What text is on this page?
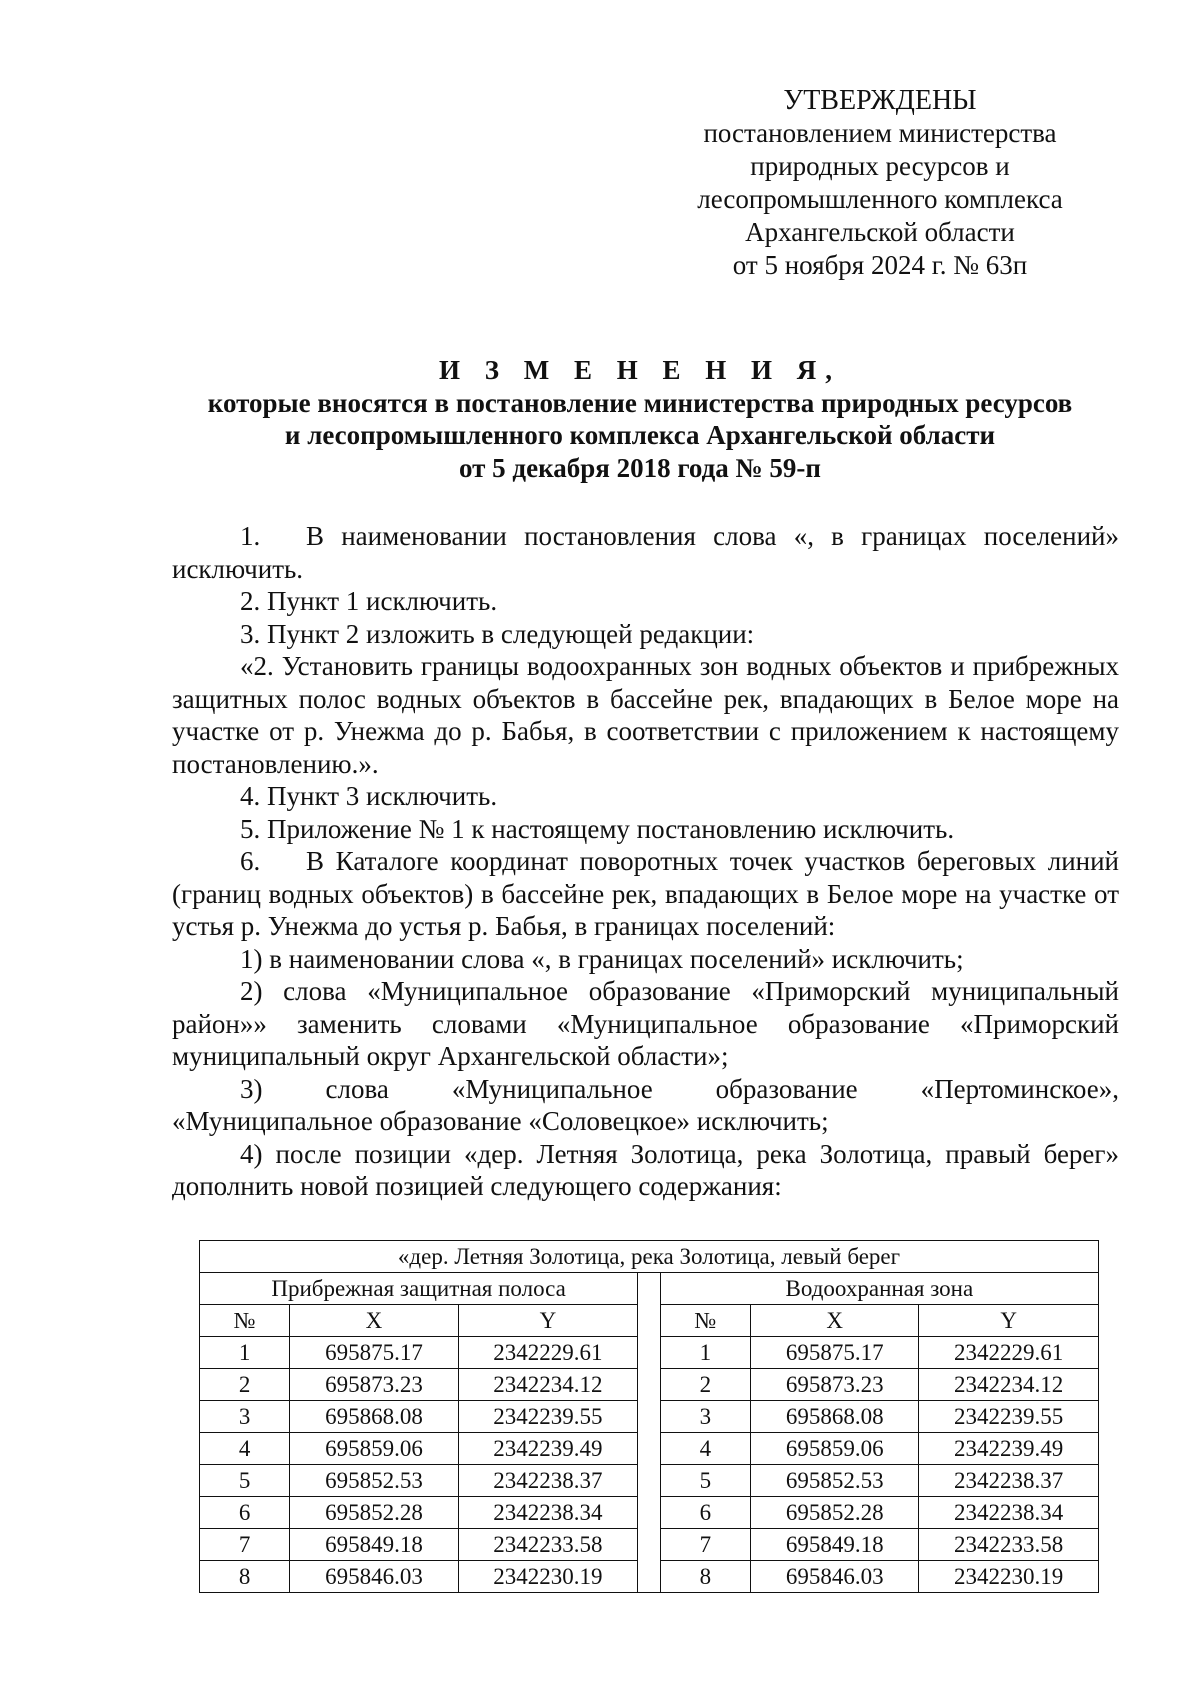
УТВЕРЖДЕНЫ
постановлением министерства
природных ресурсов и
лесопромышленного комплекса
Архангельской области
от 5 ноября 2024 г. № 63п
И З М Е Н Е Н И Я,
которые вносятся в постановление министерства природных ресурсов
и лесопромышленного комплекса Архангельской области
от 5 декабря 2018 года № 59-п

1. В наименовании постановления слова «, в границах поселений» исключить.

2. Пункт 1 исключить.

3. Пункт 2 изложить в следующей редакции:

«2. Установить границы водоохранных зон водных объектов и прибрежных защитных полос водных объектов в бассейне рек, впадающих в Белое море на участке от р. Унежма до р. Бабья, в соответствии с приложением к настоящему постановлению.».

4. Пункт 3 исключить.

5. Приложение № 1 к настоящему постановлению исключить.

6. В Каталоге координат поворотных точек участков береговых линий (границ водных объектов) в бассейне рек, впадающих в Белое море на участке от устья р. Унежма до устья р. Бабья, в границах поселений:

1) в наименовании слова «, в границах поселений» исключить;

2) слова «Муниципальное образование «Приморский муниципальный район»» заменить словами «Муниципальное образование «Приморский муниципальный округ Архангельской области»;

3) слова «Муниципальное образование «Пертоминское»,

«Муниципальное образование «Соловецкое» исключить;

4) после позиции «дер. Летняя Золотица, река Золотица, правый берег» дополнить новой позицией следующего содержания:

«дер. Летняя Золотица, река Золотица, левый берег						
Прибрежная защитная полоса				Водоохранная зона		
№	X	Y		№	X	Y
1	695875.17	2342229.61		1	695875.17	2342229.61
2	695873.23	2342234.12		2	695873.23	2342234.12
3	695868.08	2342239.55		3	695868.08	2342239.55
4	695859.06	2342239.49		4	695859.06	2342239.49
5	695852.53	2342238.37		5	695852.53	2342238.37
6	695852.28	2342238.34		6	695852.28	2342238.34
7	695849.18	2342233.58		7	695849.18	2342233.58
8	695846.03	2342230.19		8	695846.03	2342230.19
